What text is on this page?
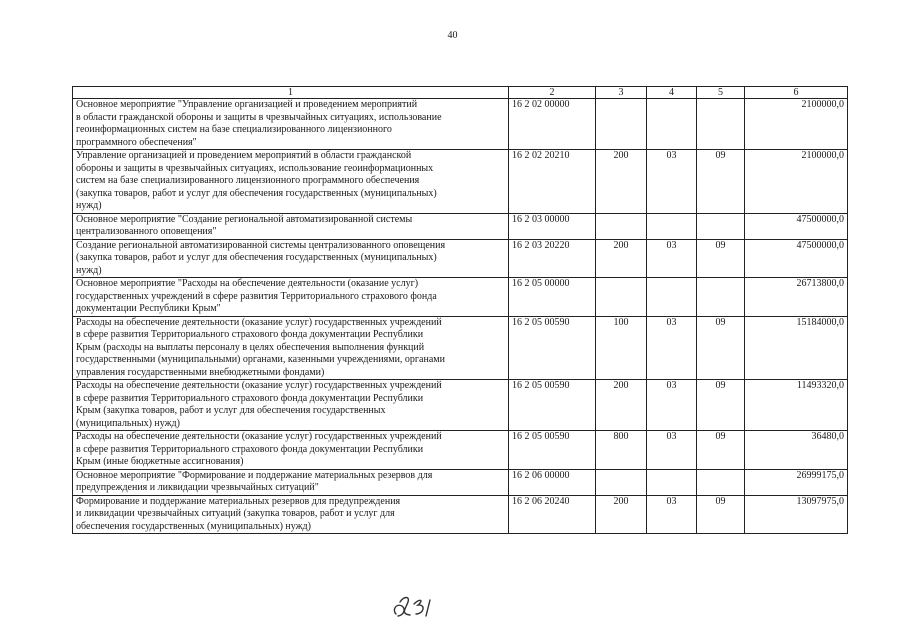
40
1	2	3	4	5	6
Основное мероприятие "Управление организацией и проведением мероприятий
в области гражданской обороны и защиты в чрезвычайных ситуациях, использование
геоинформационных систем на базе специализированного лицензионного
программного обеспечения"	16 2 02 00000				2100000,0
Управление организацией и проведением мероприятий в области гражданской
обороны и защиты в чрезвычайных ситуациях, использование геоинформационных
систем на базе специализированного лицензионного программного обеспечения
(закупка товаров, работ и услуг для обеспечения государственных (муниципальных)
нужд)	16 2 02 20210	200	03	09	2100000,0
Основное мероприятие "Создание региональной автоматизированной системы
централизованного оповещения"	16 2 03 00000				47500000,0
Создание региональной автоматизированной системы централизованного оповещения
(закупка товаров, работ и услуг для обеспечения государственных (муниципальных)
нужд)	16 2 03 20220	200	03	09	47500000,0
Основное мероприятие "Расходы на обеспечение деятельности (оказание услуг)
государственных учреждений в сфере развития Территориального страхового фонда
документации Республики Крым"	16 2 05 00000				26713800,0
Расходы на обеспечение деятельности (оказание услуг) государственных учреждений
в сфере развития Территориального страхового фонда документации Республики
Крым (расходы на выплаты персоналу в целях обеспечения выполнения функций
государственными (муниципальными) органами, казенными учреждениями, органами
управления государственными внебюджетными фондами)	16 2 05 00590	100	03	09	15184000,0
Расходы на обеспечение деятельности (оказание услуг) государственных учреждений
в сфере развития Территориального страхового фонда документации Республики
Крым (закупка товаров, работ и услуг для обеспечения государственных
(муниципальных) нужд)	16 2 05 00590	200	03	09	11493320,0
Расходы на обеспечение деятельности (оказание услуг) государственных учреждений
в сфере развития Территориального страхового фонда документации Республики
Крым (иные бюджетные ассигнования)	16 2 05 00590	800	03	09	36480,0
Основное мероприятие "Формирование и поддержание материальных резервов для
предупреждения и ликвидации чрезвычайных ситуаций"	16 2 06 00000				26999175,0
Формирование и поддержание материальных резервов для предупреждения
и ликвидации чрезвычайных ситуаций (закупка товаров, работ и услуг для
обеспечения государственных (муниципальных) нужд)	16 2 06 20240	200	03	09	13097975,0
